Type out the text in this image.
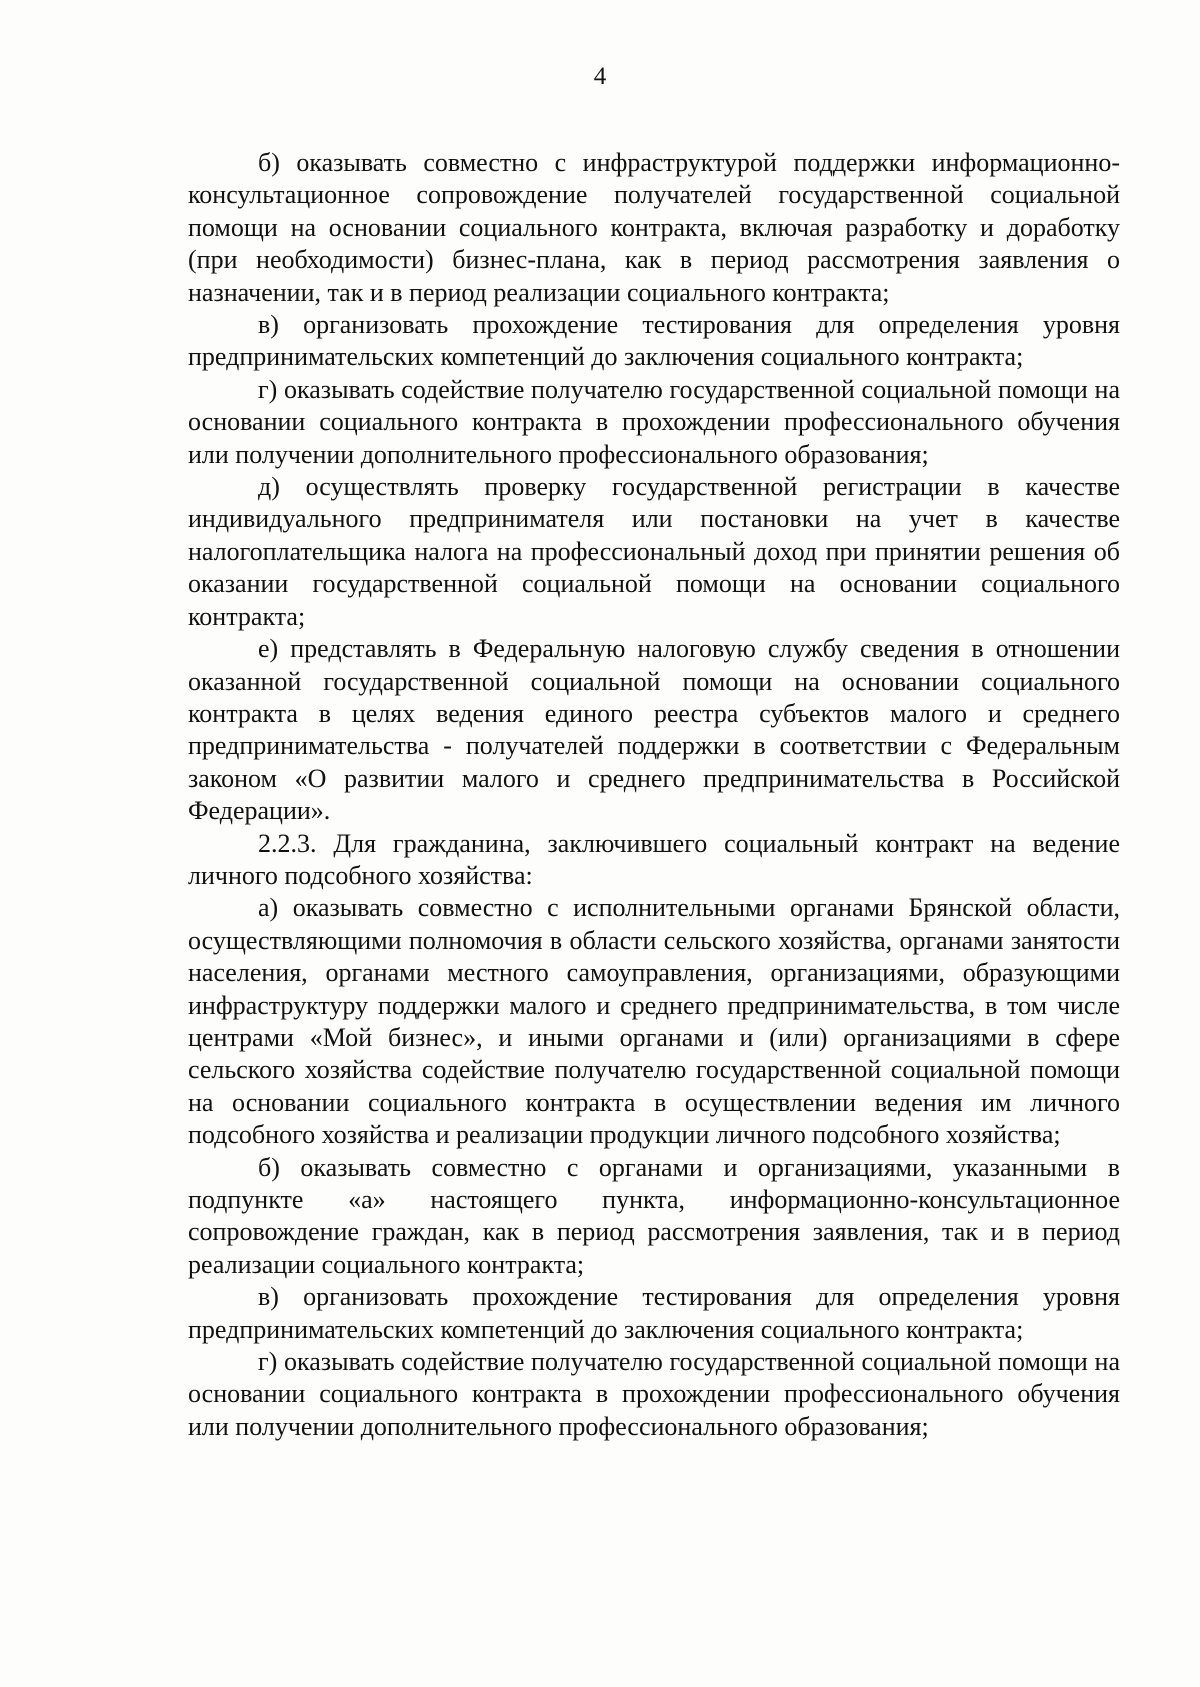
4

б) оказывать совместно с инфраструктурой поддержки информационно-консультационное сопровождение получателей государственной социальной помощи на основании социального контракта, включая разработку и доработку (при необходимости) бизнес-плана, как в период рассмотрения заявления о назначении, так и в период реализации социального контракта;

в) организовать прохождение тестирования для определения уровня предпринимательских компетенций до заключения социального контракта;

г) оказывать содействие получателю государственной социальной помощи на основании социального контракта в прохождении профессионального обучения или получении дополнительного профессионального образования;

д) осуществлять проверку государственной регистрации в качестве индивидуального предпринимателя или постановки на учет в качестве налогоплательщика налога на профессиональный доход при принятии решения об оказании государственной социальной помощи на основании социального контракта;

е) представлять в Федеральную налоговую службу сведения в отношении оказанной государственной социальной помощи на основании социального контракта в целях ведения единого реестра субъектов малого и среднего предпринимательства - получателей поддержки в соответствии с Федеральным законом «О развитии малого и среднего предпринимательства в Российской Федерации».

2.2.3. Для гражданина, заключившего социальный контракт на ведение личного подсобного хозяйства:

а) оказывать совместно с исполнительными органами Брянской области, осуществляющими полномочия в области сельского хозяйства, органами занятости населения, органами местного самоуправления, организациями, образующими инфраструктуру поддержки малого и среднего предпринимательства, в том числе центрами «Мой бизнес», и иными органами и (или) организациями в сфере сельского хозяйства содействие получателю государственной социальной помощи на основании социального контракта в осуществлении ведения им личного подсобного хозяйства и реализации продукции личного подсобного хозяйства;

б) оказывать совместно с органами и организациями, указанными в подпункте «а» настоящего пункта, информационно-консультационное сопровождение граждан, как в период рассмотрения заявления, так и в период реализации социального контракта;

в) организовать прохождение тестирования для определения уровня предпринимательских компетенций до заключения социального контракта;

г) оказывать содействие получателю государственной социальной помощи на основании социального контракта в прохождении профессионального обучения или получении дополнительного профессионального образования;
